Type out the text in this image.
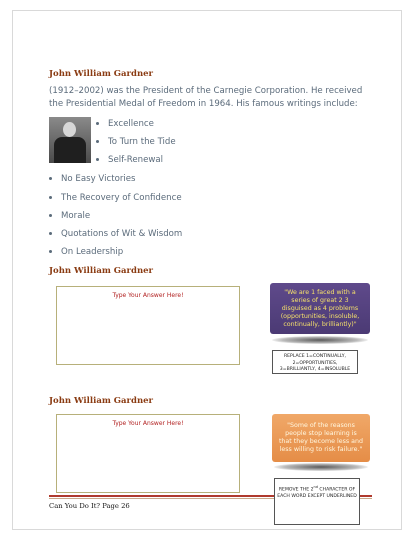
John William Gardner
(1912–2002) was the President of the Carnegie Corporation. He received the Presidential Medal of Freedom in 1964. His famous writings include:
Excellence
To Turn the Tide
Self-Renewal
No Easy Victories
The Recovery of Confidence
Morale
Quotations of Wit & Wisdom
On Leadership
John William Gardner
Type Your Answer Here!	"We are 1 faced with a series of great 2 3 disguised as 4 problems (opportunities, insoluble, continually, brilliantly)"
REPLACE 1=CONTINUALLY, 2=OPPORTUNITIES, 3=BRILLIANTLY, 4=INSOLUBLE
John William Gardner
Type Your Answer Here!	"Some of the reasons people stop learning is that they become less and less willing to risk failure."
REMOVE THE 2nd CHARACTER OF EACH WORD EXCEPT UNDERLINED
Can You Do It? Page 26
